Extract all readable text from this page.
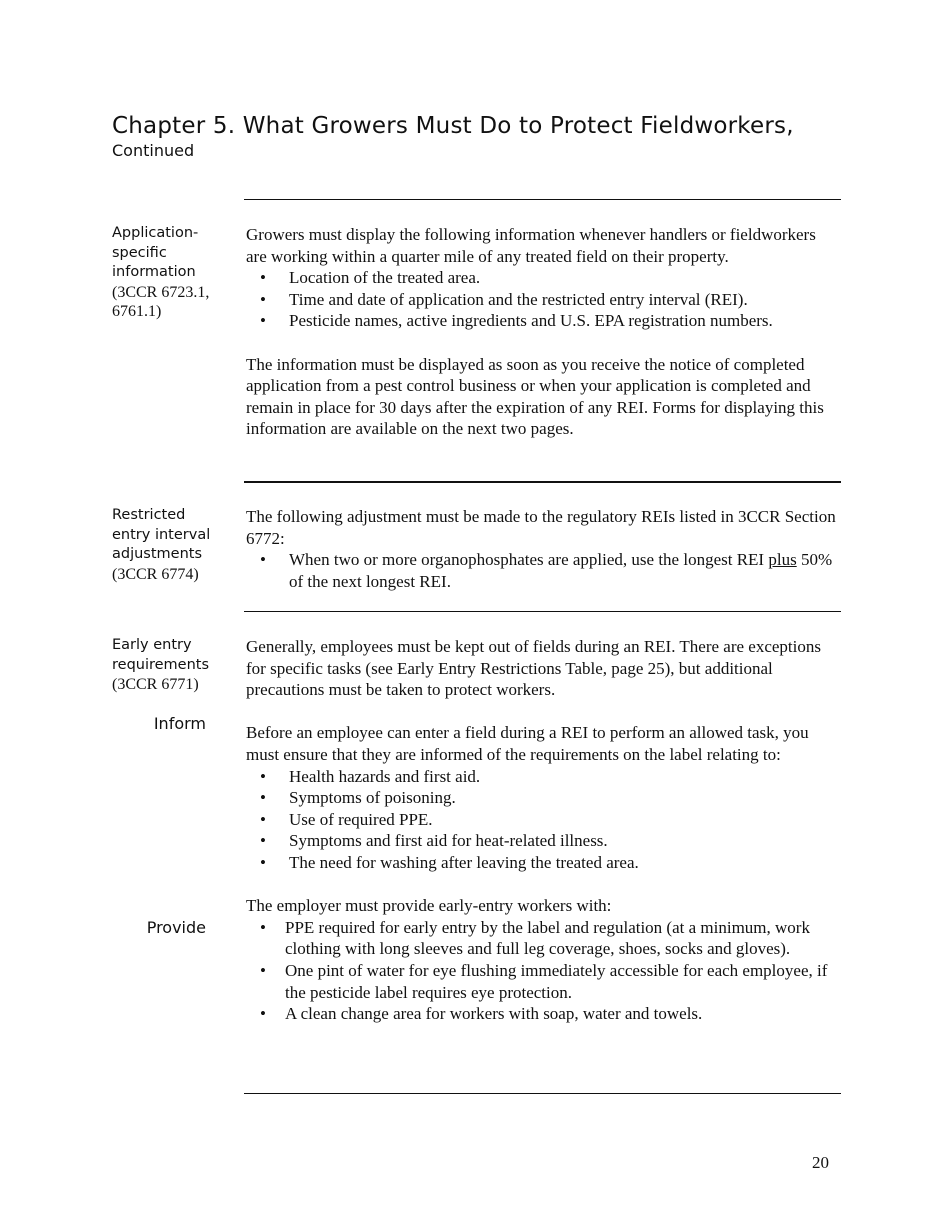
Chapter 5. What Growers Must Do to Protect Fieldworkers,
Continued
Application-
specific
information
(3CCR 6723.1, 6761.1)

Growers must display the following information whenever handlers or fieldworkers are working within a quarter mile of any treated field on their property.

• Location of the treated area.
• Time and date of application and the restricted entry interval (REI).
• Pesticide names, active ingredients and U.S. EPA registration numbers.

The information must be displayed as soon as you receive the notice of completed application from a pest control business or when your application is completed and remain in place for 30 days after the expiration of any REI. Forms for displaying this information are available on the next two pages.

Restricted
entry interval
adjustments
(3CCR 6774)

The following adjustment must be made to the regulatory REIs listed in 3CCR Section 6772:

• When two or more organophosphates are applied, use the longest REI plus 50% of the next longest REI.
Early entry
requirements
(3CCR 6771)
Inform
Provide

Generally, employees must be kept out of fields during an REI. There are exceptions for specific tasks (see Early Entry Restrictions Table, page 25), but additional precautions must be taken to protect workers.

Before an employee can enter a field during a REI to perform an allowed task, you must ensure that they are informed of the requirements on the label relating to:

• Health hazards and first aid.
• Symptoms of poisoning.
• Use of required PPE.
• Symptoms and first aid for heat-related illness.
• The need for washing after leaving the treated area.

The employer must provide early-entry workers with:

• PPE required for early entry by the label and regulation (at a minimum, work clothing with long sleeves and full leg coverage, shoes, socks and gloves).
• One pint of water for eye flushing immediately accessible for each employee, if the pesticide label requires eye protection.
• A clean change area for workers with soap, water and towels.
20
